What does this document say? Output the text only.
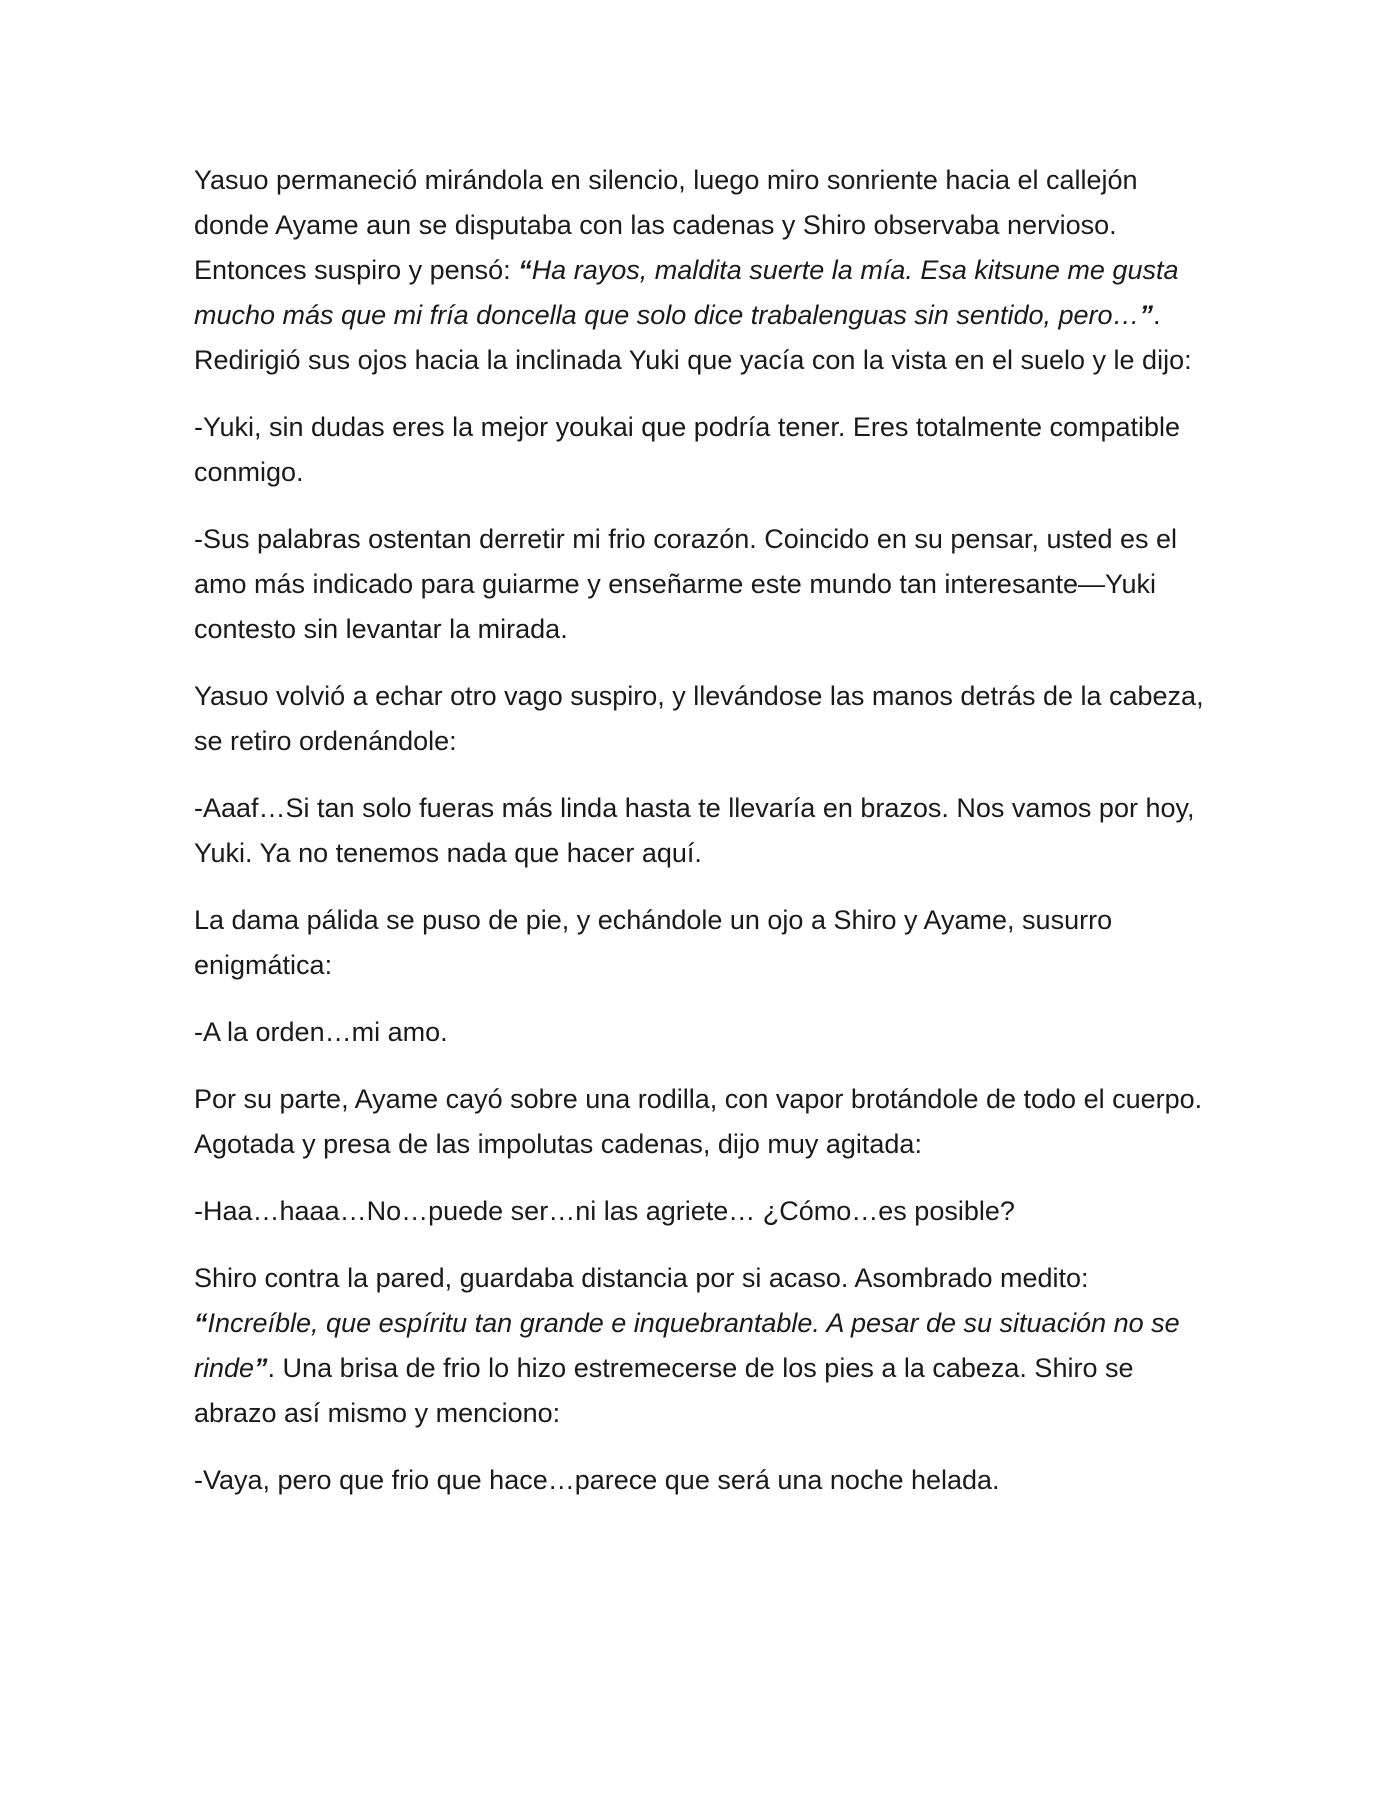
Yasuo permaneció mirándola en silencio, luego miro sonriente hacia el callejón donde Ayame aun se disputaba con las cadenas y Shiro observaba nervioso. Entonces suspiro y pensó: “Ha rayos, maldita suerte la mía. Esa kitsune me gusta mucho más que mi fría doncella que solo dice trabalenguas sin sentido, pero…”. Redirigió sus ojos hacia la inclinada Yuki que yacía con la vista en el suelo y le dijo:

-Yuki, sin dudas eres la mejor youkai que podría tener. Eres totalmente compatible conmigo.

-Sus palabras ostentan derretir mi frio corazón. Coincido en su pensar, usted es el amo más indicado para guiarme y enseñarme este mundo tan interesante—Yuki contesto sin levantar la mirada.

Yasuo volvió a echar otro vago suspiro, y llevándose las manos detrás de la cabeza, se retiro ordenándole:

-Aaaf…Si tan solo fueras más linda hasta te llevaría en brazos. Nos vamos por hoy, Yuki. Ya no tenemos nada que hacer aquí.

La dama pálida se puso de pie, y echándole un ojo a Shiro y Ayame, susurro enigmática:

-A la orden…mi amo.

Por su parte, Ayame cayó sobre una rodilla, con vapor brotándole de todo el cuerpo. Agotada y presa de las impolutas cadenas, dijo muy agitada:

-Haa…haaa…No…puede ser…ni las agriete… ¿Cómo…es posible?

Shiro contra la pared, guardaba distancia por si acaso. Asombrado medito: “Increíble, que espíritu tan grande e inquebrantable. A pesar de su situación no se rinde”. Una brisa de frio lo hizo estremecerse de los pies a la cabeza. Shiro se abrazo así mismo y menciono:

-Vaya, pero que frio que hace…parece que será una noche helada.
